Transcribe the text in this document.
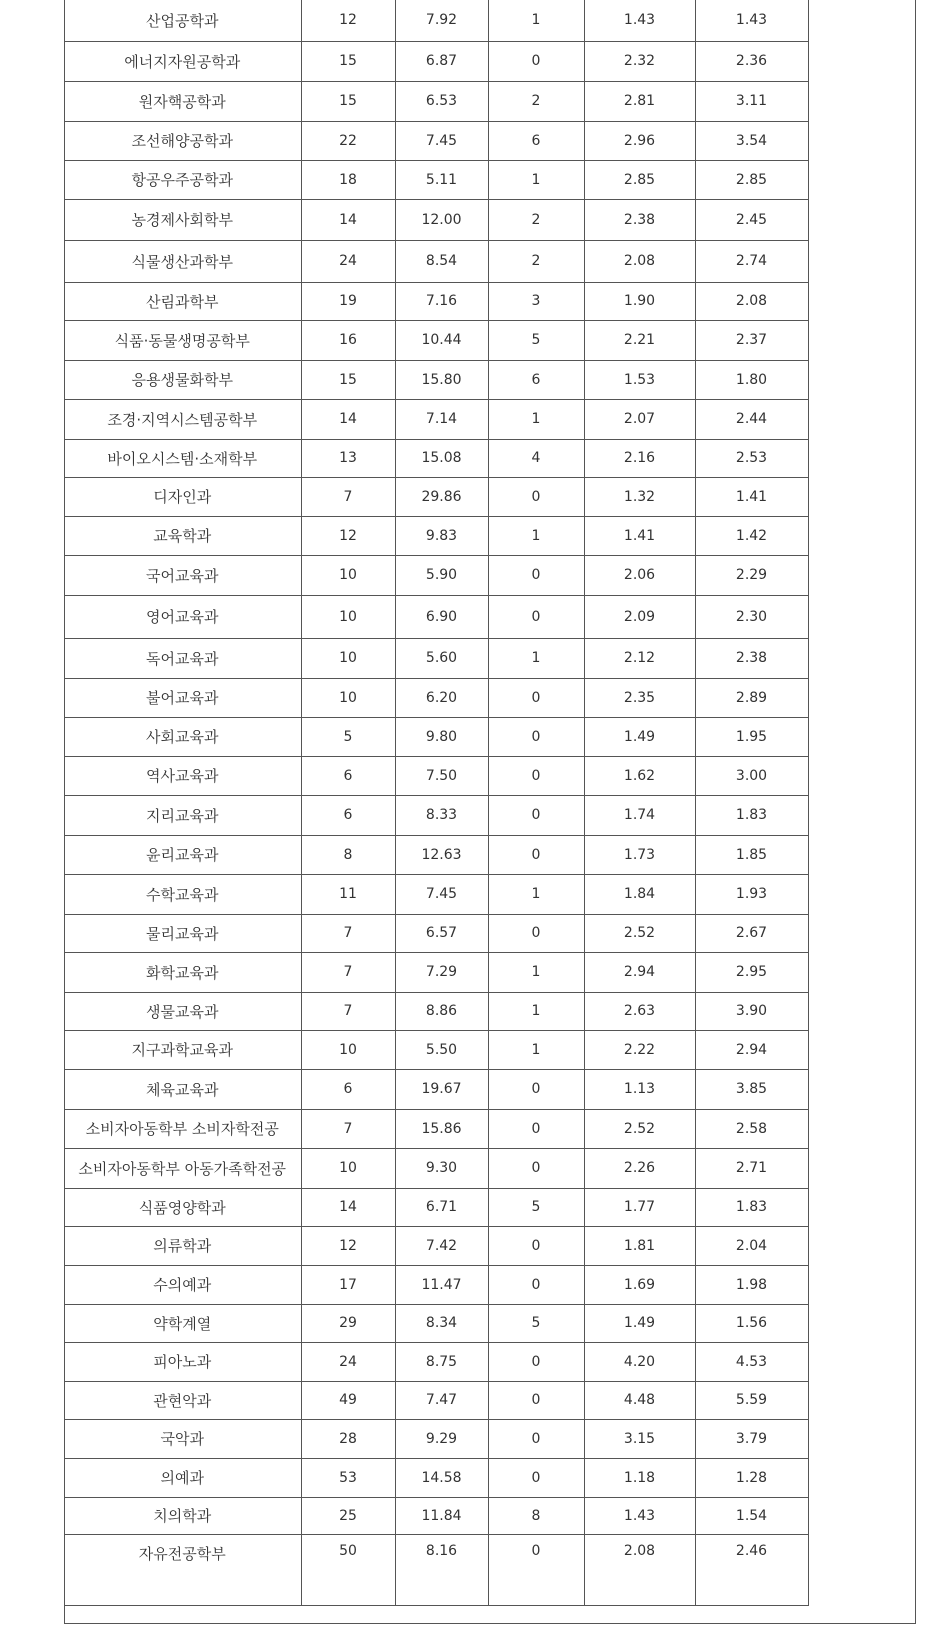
산업공학과	12	7.92	1	1.43	1.43
에너지자원공학과	15	6.87	0	2.32	2.36
원자핵공학과	15	6.53	2	2.81	3.11
조선해양공학과	22	7.45	6	2.96	3.54
항공우주공학과	18	5.11	1	2.85	2.85
농경제사회학부	14	12.00	2	2.38	2.45
식물생산과학부	24	8.54	2	2.08	2.74
산림과학부	19	7.16	3	1.90	2.08
식품·동물생명공학부	16	10.44	5	2.21	2.37
응용생물화학부	15	15.80	6	1.53	1.80
조경·지역시스템공학부	14	7.14	1	2.07	2.44
바이오시스템·소재학부	13	15.08	4	2.16	2.53
디자인과	7	29.86	0	1.32	1.41
교육학과	12	9.83	1	1.41	1.42
국어교육과	10	5.90	0	2.06	2.29
영어교육과	10	6.90	0	2.09	2.30
독어교육과	10	5.60	1	2.12	2.38
불어교육과	10	6.20	0	2.35	2.89
사회교육과	5	9.80	0	1.49	1.95
역사교육과	6	7.50	0	1.62	3.00
지리교육과	6	8.33	0	1.74	1.83
윤리교육과	8	12.63	0	1.73	1.85
수학교육과	11	7.45	1	1.84	1.93
물리교육과	7	6.57	0	2.52	2.67
화학교육과	7	7.29	1	2.94	2.95
생물교육과	7	8.86	1	2.63	3.90
지구과학교육과	10	5.50	1	2.22	2.94
체육교육과	6	19.67	0	1.13	3.85
소비자아동학부 소비자학전공	7	15.86	0	2.52	2.58
소비자아동학부 아동가족학전공	10	9.30	0	2.26	2.71
식품영양학과	14	6.71	5	1.77	1.83
의류학과	12	7.42	0	1.81	2.04
수의예과	17	11.47	0	1.69	1.98
약학계열	29	8.34	5	1.49	1.56
피아노과	24	8.75	0	4.20	4.53
관현악과	49	7.47	0	4.48	5.59
국악과	28	9.29	0	3.15	3.79
의예과	53	14.58	0	1.18	1.28
치의학과	25	11.84	8	1.43	1.54
자유전공학부	50	8.16	0	2.08	2.46
